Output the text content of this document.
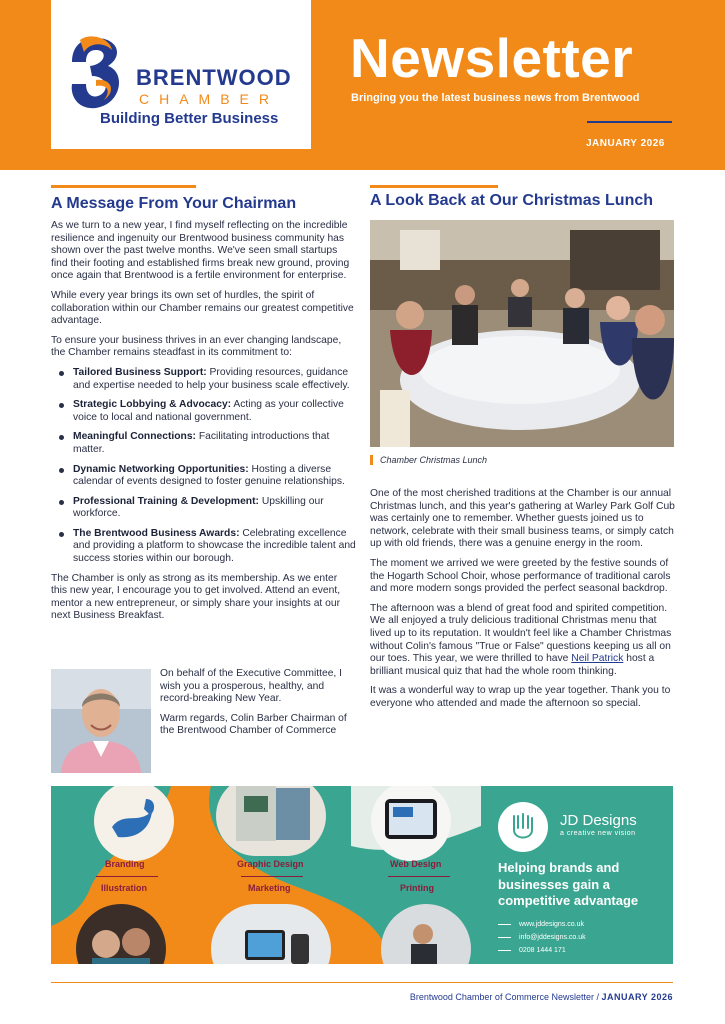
BRENTWOOD
CHAMBER
Building Better Business
Newsletter
Bringing you the latest business news from Brentwood
JANUARY 2026
A Message From Your Chairman

As we turn to a new year, I find myself reflecting on the incredible resilience and ingenuity our Brentwood business community has shown over the past twelve months. We've seen small startups find their footing and established firms break new ground, proving once again that Brentwood is a fertile environment for enterprise.

While every year brings its own set of hurdles, the spirit of collaboration within our Chamber remains our greatest competitive advantage.

To ensure your business thrives in an ever changing landscape, the Chamber remains steadfast in its commitment to:

Tailored Business Support: Providing resources, guidance and expertise needed to help your business scale effectively.
Strategic Lobbying & Advocacy: Acting as your collective voice to local and national government.
Meaningful Connections: Facilitating introductions that matter.
Dynamic Networking Opportunities: Hosting a diverse calendar of events designed to foster genuine relationships.
Professional Training & Development: Upskilling our workforce.
The Brentwood Business Awards: Celebrating excellence and providing a platform to showcase the incredible talent and success stories within our borough.

The Chamber is only as strong as its membership. As we enter this new year, I encourage you to get involved. Attend an event, mentor a new entrepreneur, or simply share your insights at our next Business Breakfast.

On behalf of the Executive Committee, I wish you a prosperous, healthy, and record-breaking New Year.

Warm regards, Colin Barber Chairman of the Brentwood Chamber of Commerce

A Look Back at Our Christmas Lunch
Chamber Christmas Lunch

One of the most cherished traditions at the Chamber is our annual Christmas lunch, and this year's gathering at Warley Park Golf Cub was certainly one to remember. Whether guests joined us to network, celebrate with their small business teams, or simply catch up with old friends, there was a genuine energy in the room.

The moment we arrived we were greeted by the festive sounds of the Hogarth School Choir, whose performance of traditional carols and more modern songs provided the perfect seasonal backdrop.

The afternoon was a blend of great food and spirited competition. We all enjoyed a truly delicious traditional Christmas menu that lived up to its reputation. It wouldn't feel like a Chamber Christmas without Colin's famous "True or False" questions keeping us all on our toes. This year, we were thrilled to have Neil Patrick host a brilliant musical quiz that had the whole room thinking.

It was a wonderful way to wrap up the year together. Thank you to everyone who attended and made the afternoon so special.

Branding	Graphic Design	Web Design
Illustration	Marketing	Printing
JD Designs
a creative new vision
Helping brands and businesses gain a competitive advantage
www.jddesigns.co.uk
info@jddesigns.co.uk
0208 1444 171
Brentwood Chamber of Commerce Newsletter / JANUARY 2026
